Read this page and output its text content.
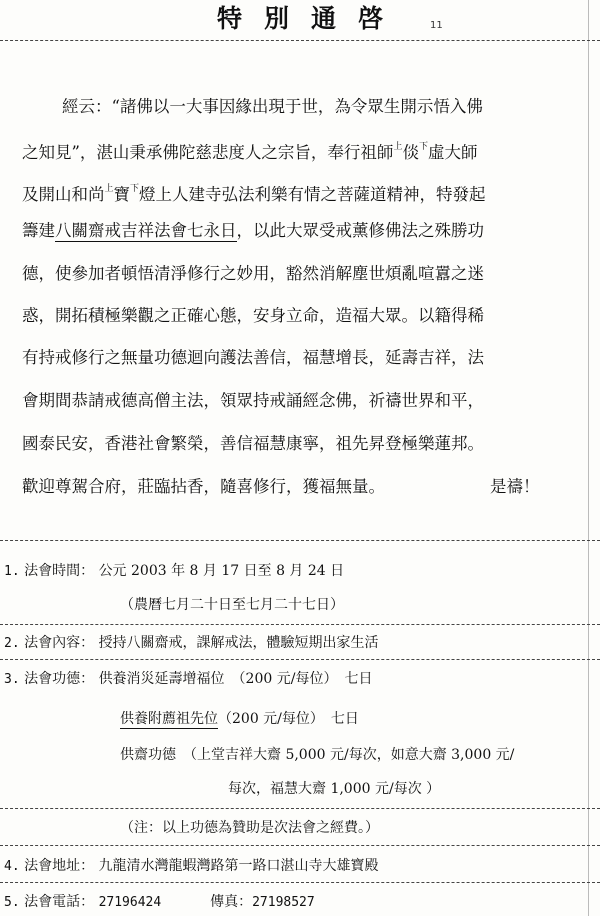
特別通啓	11
經云：“諸佛以一大事因緣出現于世，為令眾生開示悟入佛
之知見”，湛山秉承佛陀慈悲度人之宗旨，奉行祖師$^上$倓$^下$虛大師
及開山和尚$^上$寶$^下$燈上人建寺弘法利樂有情之菩薩道精神，特發起
籌建八關齋戒吉祥法會七永日，以此大眾受戒薰修佛法之殊勝功
德，使參加者頓悟清淨修行之妙用，豁然消解塵世煩亂喧囂之迷
惑，開拓積極樂觀之正確心態，安身立命，造福大眾。以籍得稀
有持戒修行之無量功德迴向護法善信，福慧增長，延壽吉祥，法
會期間恭請戒德高僧主法，領眾持戒誦經念佛，祈禱世界和平，
國泰民安，香港社會繁榮，善信福慧康寧，祖先昇登極樂蓮邦。
歡迎尊駕合府，莊臨拈香，隨喜修行，獲福無量。	是禱！
1. 法會時間： 公元 2003 年 8 月 17 日至 8 月 24 日
（農曆七月二十日至七月二十七日）
2. 法會內容： 授持八關齋戒，課解戒法，體驗短期出家生活
3. 法會功德： 供養消災延壽增福位　（200 元/每位）　七日
供養附薦祖先位（200 元/每位）　七日
供齋功德　（上堂吉祥大齋 5,000 元/每次，如意大齋 3,000 元/
每次，福慧大齋 1,000 元/每次 ）
（注：以上功德為贊助是次法會之經費。）
4. 法會地址： 九龍清水灣龍蝦灣路第一路口湛山寺大雄寶殿
5. 法會電話： 27196424	傳真：27198527
